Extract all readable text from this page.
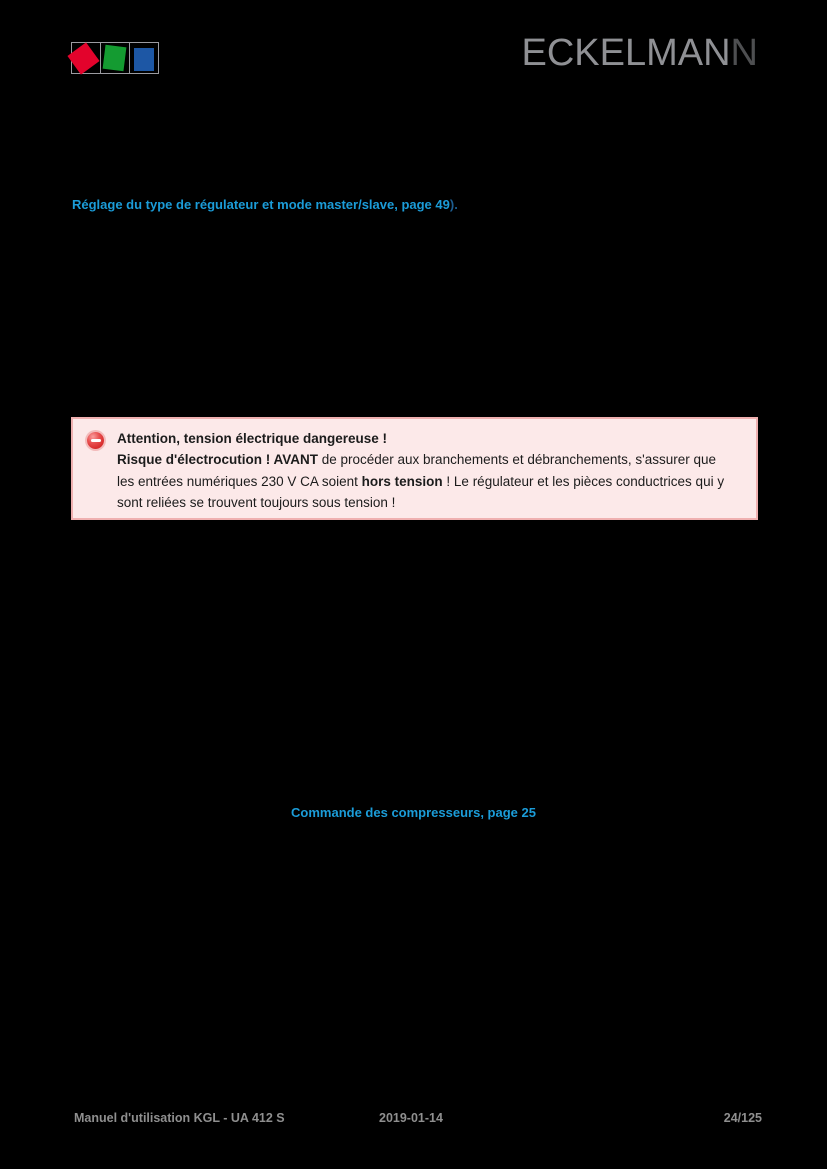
ECKELMANN
Réglage du type de régulateur et mode master/slave, page 49).
Attention, tension électrique dangereuse !
Risque d'électrocution ! AVANT de procéder aux branchements et débranchements, s'assurer que
les entrées numériques 230 V CA soient hors tension ! Le régulateur et les pièces conductrices qui y
sont reliées se trouvent toujours sous tension !
Commande des compresseurs, page 25
Manuel d'utilisation KGL - UA 412 S	2019-01-14	24/125
